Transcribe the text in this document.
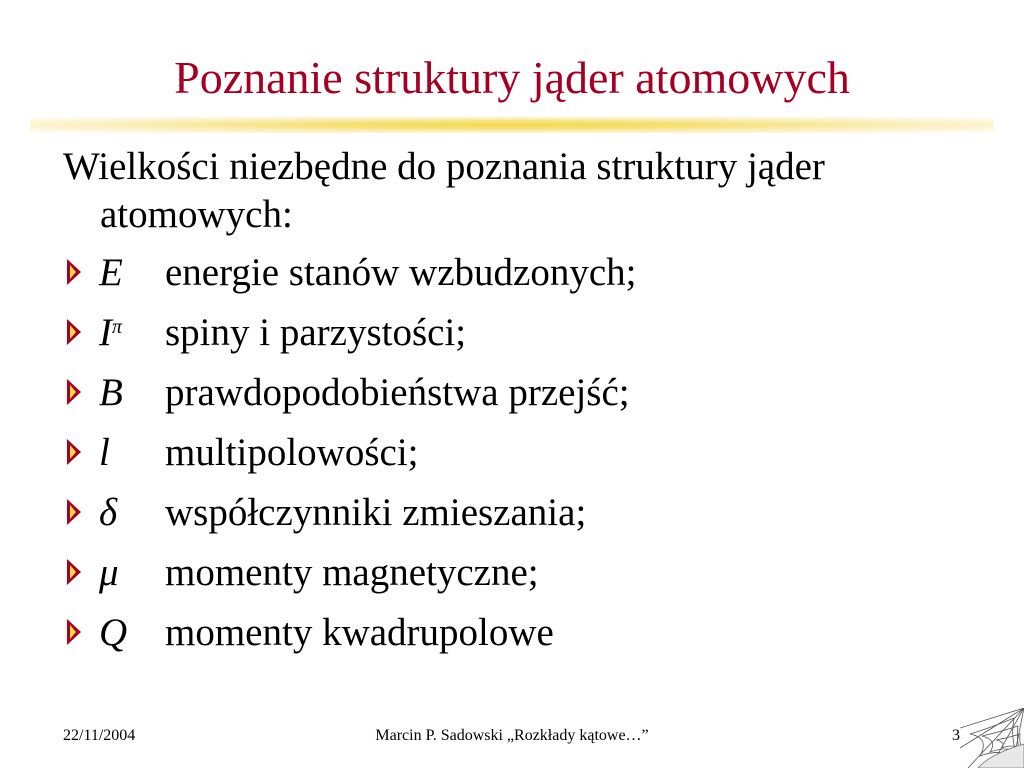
Poznanie struktury jąder atomowych
Wielkości niezbędne do poznania struktury jąder atomowych:
E energie stanów wzbudzonych;
$I^\pi$ spiny i parzystości;
B prawdopodobieństwa przejść;
l multipolowości;
δ współczynniki zmieszania;
μ momenty magnetyczne;
Q momenty kwadrupolowe
22/11/2004	Marcin P. Sadowski „Rozkłady kątowe…”	3
